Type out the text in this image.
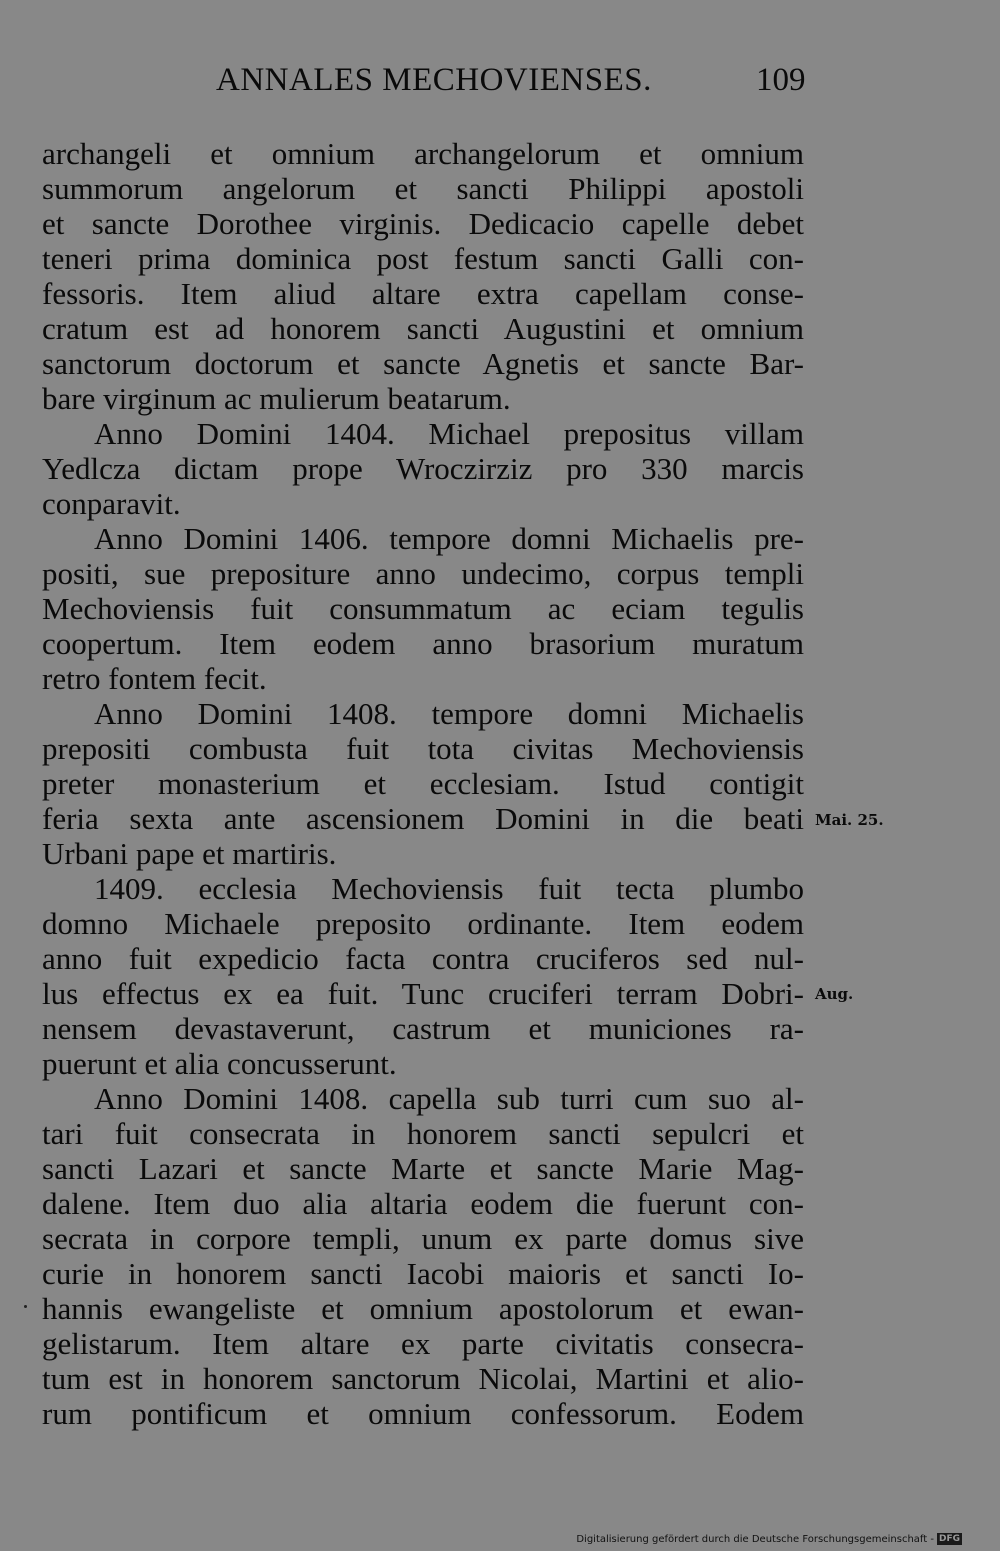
ANNALES MECHOVIENSES.	109
archangeli et omnium archangelorum et omnium
summorum angelorum et sancti Philippi apostoli
et sancte Dorothee virginis. Dedicacio capelle debet
teneri prima dominica post festum sancti Galli con-
fessoris. Item aliud altare extra capellam conse-
cratum est ad honorem sancti Augustini et omnium
sanctorum doctorum et sancte Agnetis et sancte Bar-
bare virginum ac mulierum beatarum.
Anno Domini 1404. Michael prepositus villam
Yedlcza dictam prope Wroczirziz pro 330 marcis
conparavit.
Anno Domini 1406. tempore domni Michaelis pre-
positi, sue prepositure anno undecimo, corpus templi
Mechoviensis fuit consummatum ac eciam tegulis
coopertum. Item eodem anno brasorium muratum
retro fontem fecit.
Anno Domini 1408. tempore domni Michaelis
prepositi combusta fuit tota civitas Mechoviensis
preter monasterium et ecclesiam. Istud contigit
feria sexta ante ascensionem Domini in die beati
Urbani pape et martiris.
1409. ecclesia Mechoviensis fuit tecta plumbo
domno Michaele preposito ordinante. Item eodem
anno fuit expedicio facta contra cruciferos sed nul-
lus effectus ex ea fuit. Tunc cruciferi terram Dobri-
nensem devastaverunt, castrum et municiones ra-
puerunt et alia concusserunt.
Anno Domini 1408. capella sub turri cum suo al-
tari fuit consecrata in honorem sancti sepulcri et
sancti Lazari et sancte Marte et sancte Marie Mag-
dalene. Item duo alia altaria eodem die fuerunt con-
secrata in corpore templi, unum ex parte domus sive
curie in honorem sancti Iacobi maioris et sancti Io-
hannis ewangeliste et omnium apostolorum et ewan-
gelistarum. Item altare ex parte civitatis consecra-
tum est in honorem sanctorum Nicolai, Martini et alio-
rum pontificum et omnium confessorum. Eodem
Mai. 25.
Aug.
Digitalisierung gefördert durch die Deutsche Forschungsgemeinschaft - DFG
